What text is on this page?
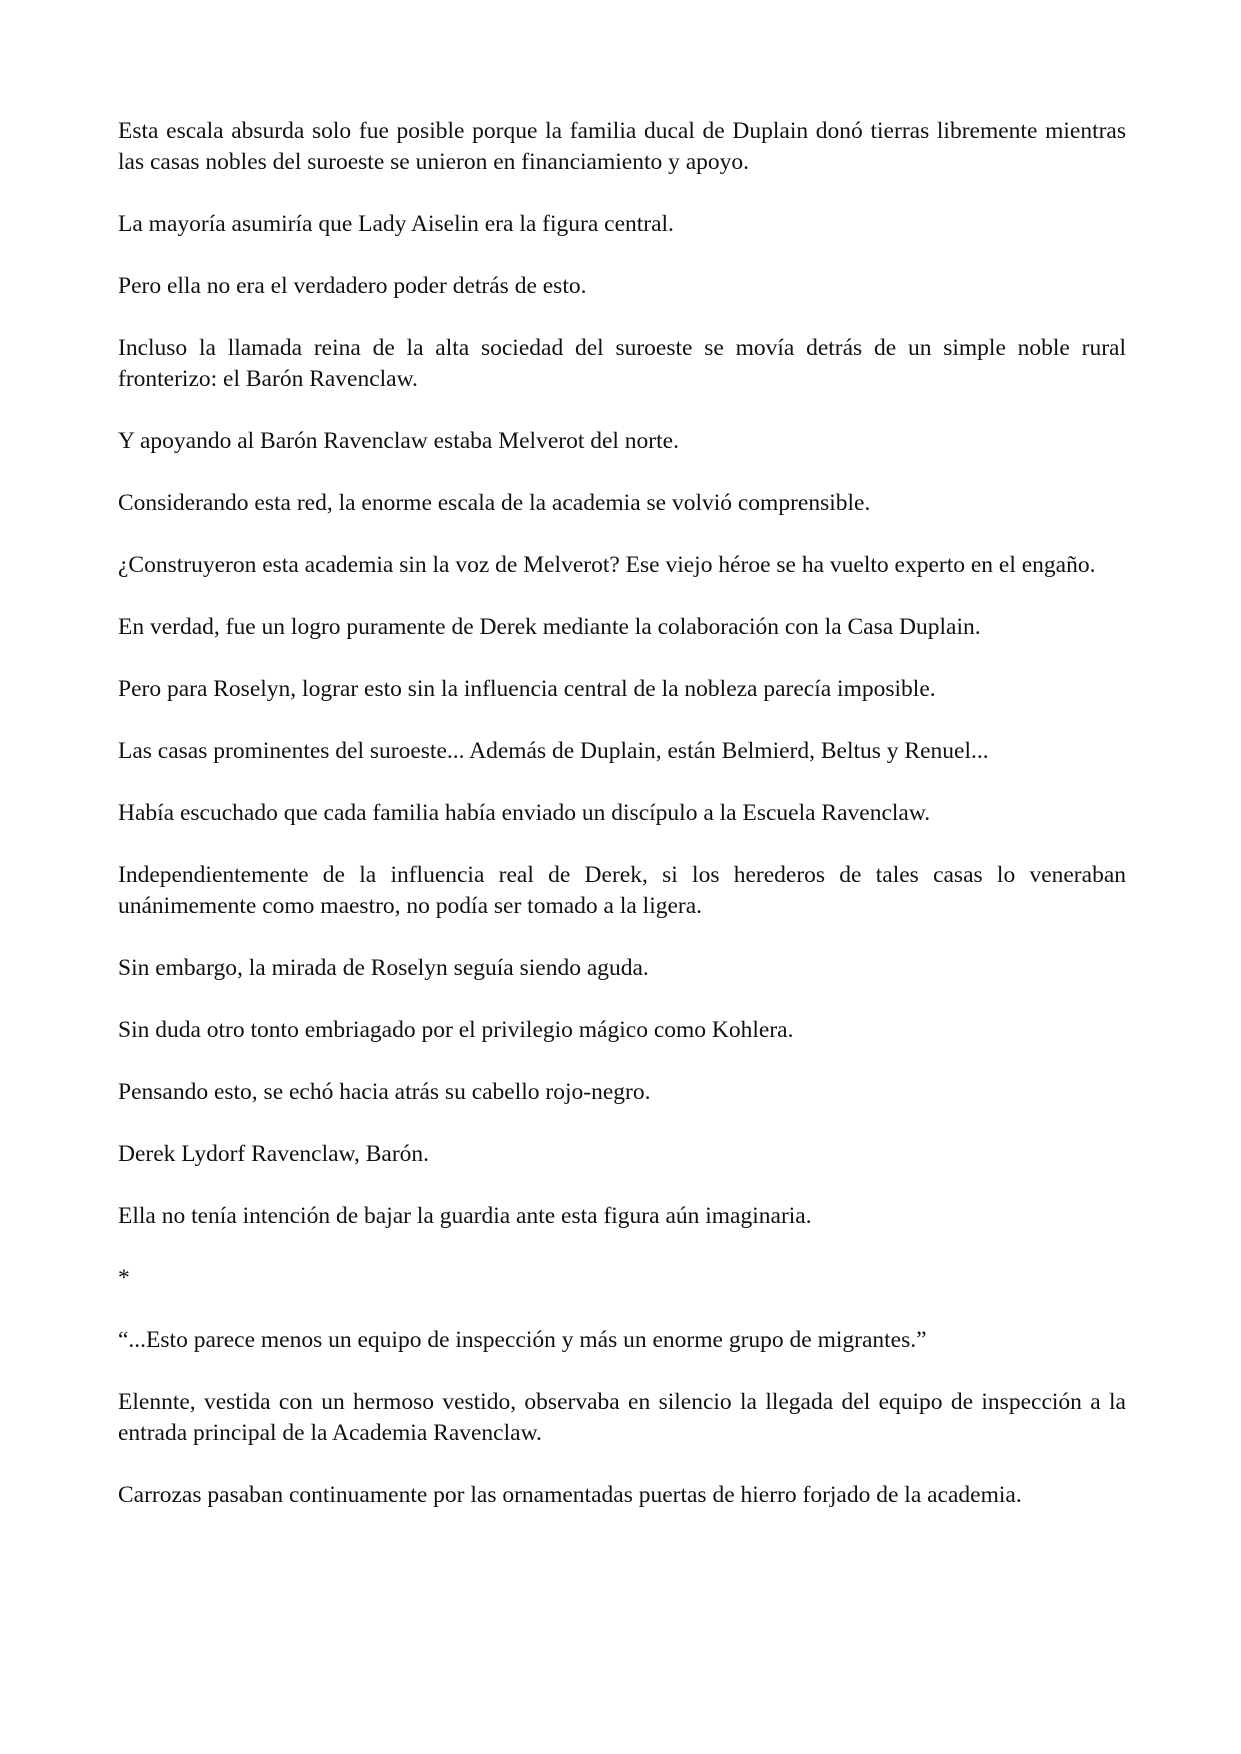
Esta escala absurda solo fue posible porque la familia ducal de Duplain donó tierras libremente mientras las casas nobles del suroeste se unieron en financiamiento y apoyo.

La mayoría asumiría que Lady Aiselin era la figura central.

Pero ella no era el verdadero poder detrás de esto.

Incluso la llamada reina de la alta sociedad del suroeste se movía detrás de un simple noble rural fronterizo: el Barón Ravenclaw.

Y apoyando al Barón Ravenclaw estaba Melverot del norte.

Considerando esta red, la enorme escala de la academia se volvió comprensible.

¿Construyeron esta academia sin la voz de Melverot? Ese viejo héroe se ha vuelto experto en el engaño.

En verdad, fue un logro puramente de Derek mediante la colaboración con la Casa Duplain.

Pero para Roselyn, lograr esto sin la influencia central de la nobleza parecía imposible.

Las casas prominentes del suroeste... Además de Duplain, están Belmierd, Beltus y Renuel...

Había escuchado que cada familia había enviado un discípulo a la Escuela Ravenclaw.

Independientemente de la influencia real de Derek, si los herederos de tales casas lo veneraban unánimemente como maestro, no podía ser tomado a la ligera.

Sin embargo, la mirada de Roselyn seguía siendo aguda.

Sin duda otro tonto embriagado por el privilegio mágico como Kohlera.

Pensando esto, se echó hacia atrás su cabello rojo-negro.

Derek Lydorf Ravenclaw, Barón.

Ella no tenía intención de bajar la guardia ante esta figura aún imaginaria.

*

“...Esto parece menos un equipo de inspección y más un enorme grupo de migrantes.”

Elennte, vestida con un hermoso vestido, observaba en silencio la llegada del equipo de inspección a la entrada principal de la Academia Ravenclaw.

Carrozas pasaban continuamente por las ornamentadas puertas de hierro forjado de la academia.
